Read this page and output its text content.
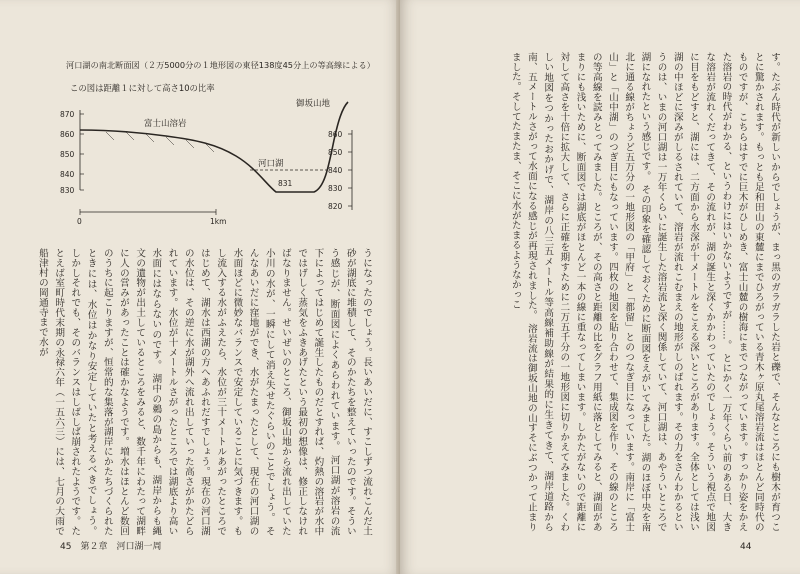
河口湖の南北断面図（２万5000分の１地形図の東径138度45分上の等高線による）
この図は距離１に対して高さ10の比率
870
860
850
840
830
富士山溶岩
御坂山地
河口湖
831
860
850
840
830
820
0	1km
うになったのでしょう。長いあいだに、すこしずつ流れこんだ土砂が湖底に堆積して、そのかたちを整えていったのです。そういう感じが、断面図によくあらわれています。 河口湖が溶岩の流下によってはじめて誕生したものだとすれば、灼熱の溶岩が水中ではげしく蒸気をふきあげたという最初の想像は、修正しなければなりません。せいぜいのところ、御坂山地から流れ出していた小川の水が、一瞬にして消え失せたぐらいのことでしょう。 そんなあいだに窪地ができ、水がたまったとして、現在の河口湖の水面ほどに微妙なバランスで安定していることに気づきます。もし流入する水がふえたら、水位が三十メートルあがったところではじめて、湖水は西湖の方へあふれだすでしょう。現在の河口湖の水位は、その逆に水が湖外へ流れ出していった高さがかたどられています。水位が十メートルさがったところでは湖底より高い水面にはならないのです。 湖中の鵜の島からも、湖岸からも縄文の遺物が出土しているところをみると、数千年にわたって湖畔に人の営みがあったことは確かなようです。増水はほとんど数回のうちに起こりますが、恒常的な集落が湖岸にかたちづくられたときには、水位はかなり安定していたと考えるべきでしょう。 しかしそれでも、そのバランスはしばしば崩されたようです。たとえば室町時代末期の永禄六年（一五六三）には、七月の大雨で船津村の岡通寺まで水が
45　第２章　河口湖一周
す。たぶん時代が新しいからでしょうが、まっ黒のガラガラした岩と礫で、そんなところにも樹木が育つことに驚かされます。もっとも足和田山の東麓にまでひろがっている青木ヶ原丸尾溶岩流はほとんど同時代のものですが、こちらはすでに巨木がひしめき、富士山麓の樹海にまでつながっています。すっかり姿をかえた溶岩の時代がわかる、というわけにはいかないようですが……。 とにかく一万年くらい前のある日、大きな溶岩が流れくだってきて、その流れが、湖の誕生と深くかかわっていたのでしょう。そういう視点で地図に目をもどすと、湖には、二方面から水深が十メートルをこえる深いところがあります。全体としては浅い湖の中ほどに深みがしるされていて、溶岩が流れこむまえの地形がしのばれます。その力をさんわかるというのは、いまの河口湖は一万年くらいに誕生した溶岩流と深く関係していて、河口湖は、あやういところで湖になれたという感じです。 その印象を確認しておくために断面図をえがいてみました。湖のほぼ中央を南北に通る線がちょうど五万分の一地形図の「甲府」と「都留」とのつなぎ目になっています。南岸に「富士山」と「山中湖」のつぎ目にもなっています。四枚の地図を貼り合わせて、集成図を作り、その線のところの等高線を読みとってみました。ところが、その高さと距離の比をグラフ用紙に落としてみると、湖面があまりにも浅いために、断面図では湖底がほとんど一本の線に重なってしまいます。しかたがないので距離に対して高さを十倍に拡大して、さらに正確を期すために二万五千分の一地形図に切りかえてみました。くわしい地図をつかったおかげで、湖岸の八三五メートル等高線補助線が結果的に生きてきて、湖岸道路から南、五メートルさがって水面になる感じが再現されました。 溶岩流は御坂山地の山すそにぶつかって止まりました。そしてたまたま、そこに水がたまるようなかっこ
44
